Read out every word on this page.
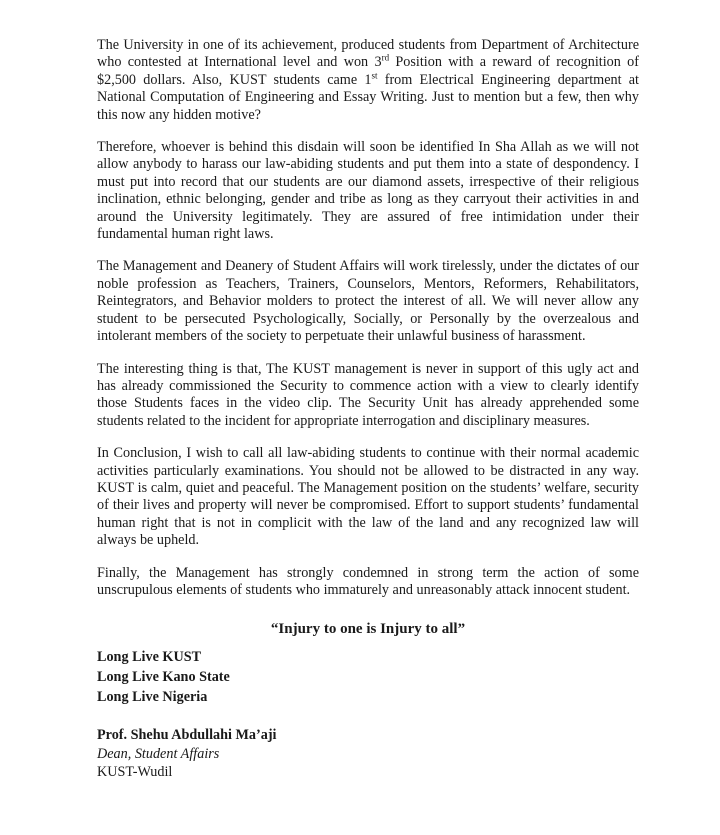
The University in one of its achievement, produced students from Department of Architecture who contested at International level and won 3rd Position with a reward of recognition of $2,500 dollars. Also, KUST students came 1st from Electrical Engineering department at National Computation of Engineering and Essay Writing. Just to mention but a few, then why this now any hidden motive?

Therefore, whoever is behind this disdain will soon be identified In Sha Allah as we will not allow anybody to harass our law-abiding students and put them into a state of despondency. I must put into record that our students are our diamond assets, irrespective of their religious inclination, ethnic belonging, gender and tribe as long as they carryout their activities in and around the University legitimately. They are assured of free intimidation under their fundamental human right laws.

The Management and Deanery of Student Affairs will work tirelessly, under the dictates of our noble profession as Teachers, Trainers, Counselors, Mentors, Reformers, Rehabilitators, Reintegrators, and Behavior molders to protect the interest of all. We will never allow any student to be persecuted Psychologically, Socially, or Personally by the overzealous and intolerant members of the society to perpetuate their unlawful business of harassment.

The interesting thing is that, The KUST management is never in support of this ugly act and has already commissioned the Security to commence action with a view to clearly identify those Students faces in the video clip. The Security Unit has already apprehended some students related to the incident for appropriate interrogation and disciplinary measures.

In Conclusion, I wish to call all law-abiding students to continue with their normal academic activities particularly examinations. You should not be allowed to be distracted in any way. KUST is calm, quiet and peaceful. The Management position on the students’ welfare, security of their lives and property will never be compromised. Effort to support students’ fundamental human right that is not in complicit with the law of the land and any recognized law will always be upheld.

Finally, the Management has strongly condemned in strong term the action of some unscrupulous elements of students who immaturely and unreasonably attack innocent student.

“Injury to one is Injury to all”
Long Live KUST
Long Live Kano State
Long Live Nigeria
Prof. Shehu Abdullahi Ma’aji
Dean, Student Affairs
KUST-Wudil
